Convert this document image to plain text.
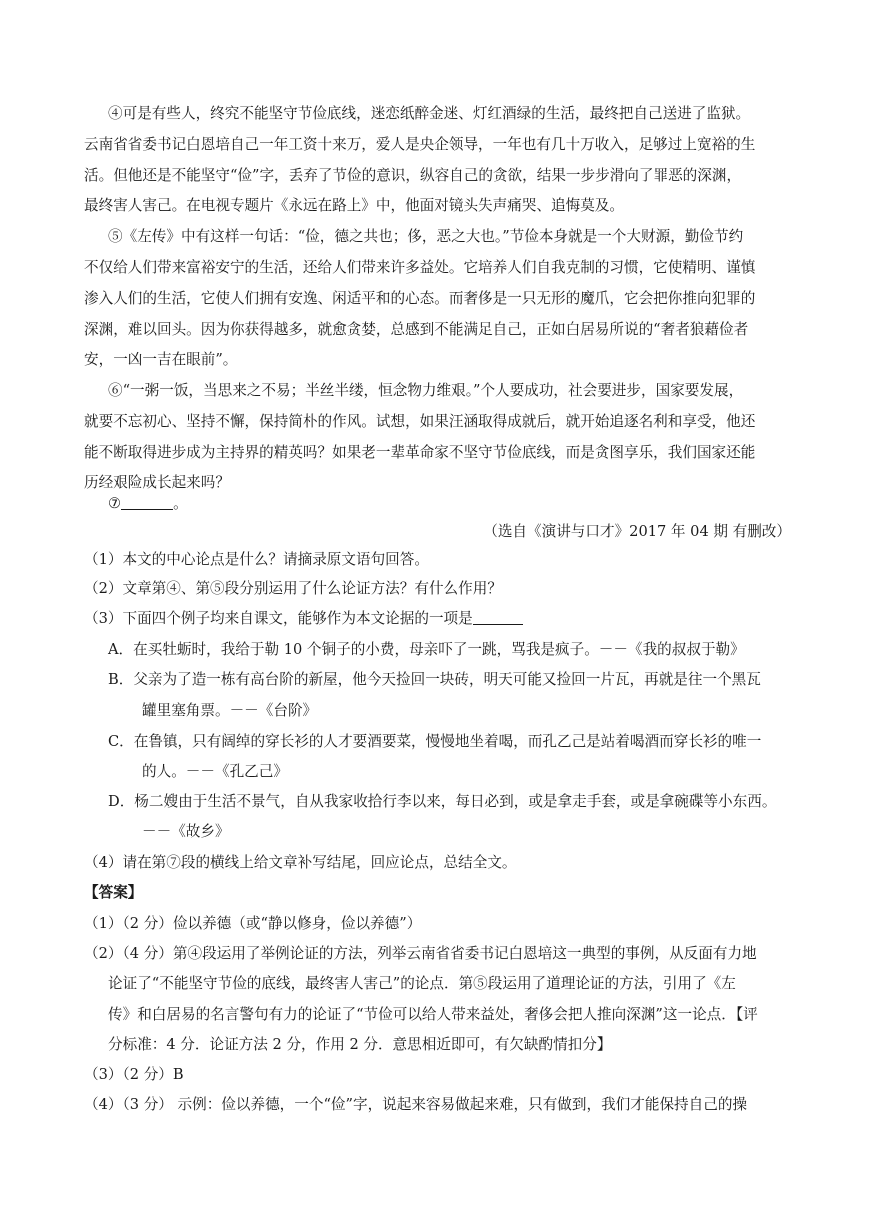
④可是有些人，终究不能坚守节俭底线，迷恋纸醉金迷、灯红酒绿的生活，最终把自己送进了监狱。
云南省省委书记白恩培自己一年工资十来万，爱人是央企领导，一年也有几十万收入，足够过上宽裕的生
活。但他还是不能坚守“俭”字，丢弃了节俭的意识，纵容自己的贪欲，结果一步步滑向了罪恶的深渊，
最终害人害己。在电视专题片《永远在路上》中，他面对镜头失声痛哭、追悔莫及。
⑤《左传》中有这样一句话：“俭，德之共也；侈，恶之大也。”节俭本身就是一个大财源，勤俭节约
不仅给人们带来富裕安宁的生活，还给人们带来许多益处。它培养人们自我克制的习惯，它使精明、谨慎
渗入人们的生活，它使人们拥有安逸、闲适平和的心态。而奢侈是一只无形的魔爪，它会把你推向犯罪的
深渊，难以回头。因为你获得越多，就愈贪婪，总感到不能满足自己，正如白居易所说的“奢者狼藉俭者
安，一凶一吉在眼前”。
⑥“一粥一饭，当思来之不易；半丝半缕，恒念物力维艰。”个人要成功，社会要进步，国家要发展，
就要不忘初心、坚持不懈，保持简朴的作风。试想，如果汪涵取得成就后，就开始追逐名利和享受，他还
能不断取得进步成为主持界的精英吗？如果老一辈革命家不坚守节俭底线，而是贪图享乐，我们国家还能
历经艰险成长起来吗？
⑦	。
（选自《演讲与口才》2017 年 04 期 有删改）
（1）本文的中心论点是什么？请摘录原文语句回答。
（2）文章第④、第⑤段分别运用了什么论证方法？有什么作用？
（3）下面四个例子均来自课文，能够作为本文论据的一项是
A．在买牡蛎时，我给于勒 10 个铜子的小费，母亲吓了一跳，骂我是疯子。－－《我的叔叔于勒》
B．父亲为了造一栋有高台阶的新屋，他今天捡回一块砖，明天可能又捡回一片瓦，再就是往一个黑瓦
罐里塞角票。－－《台阶》
C．在鲁镇，只有阔绰的穿长衫的人才要酒要菜，慢慢地坐着喝，而孔乙己是站着喝酒而穿长衫的唯一
的人。－－《孔乙己》
D．杨二嫂由于生活不景气，自从我家收拾行李以来，每日必到，或是拿走手套，或是拿碗碟等小东西。
－－《故乡》
（4）请在第⑦段的横线上给文章补写结尾，回应论点，总结全文。
【答案】
（1）（2 分）俭以养德（或“静以修身，俭以养德”）
（2）（4 分）第④段运用了举例论证的方法，列举云南省省委书记白恩培这一典型的事例，从反面有力地
论证了“不能坚守节俭的底线，最终害人害己”的论点．第⑤段运用了道理论证的方法，引用了《左
传》和白居易的名言警句有力的论证了“节俭可以给人带来益处，奢侈会把人推向深渊”这一论点．【评
分标准：4 分．论证方法 2 分，作用 2 分．意思相近即可，有欠缺酌情扣分】
（3）（2 分）B
（4）（3 分） 示例：俭以养德，一个“俭”字，说起来容易做起来难，只有做到，我们才能保持自己的操
